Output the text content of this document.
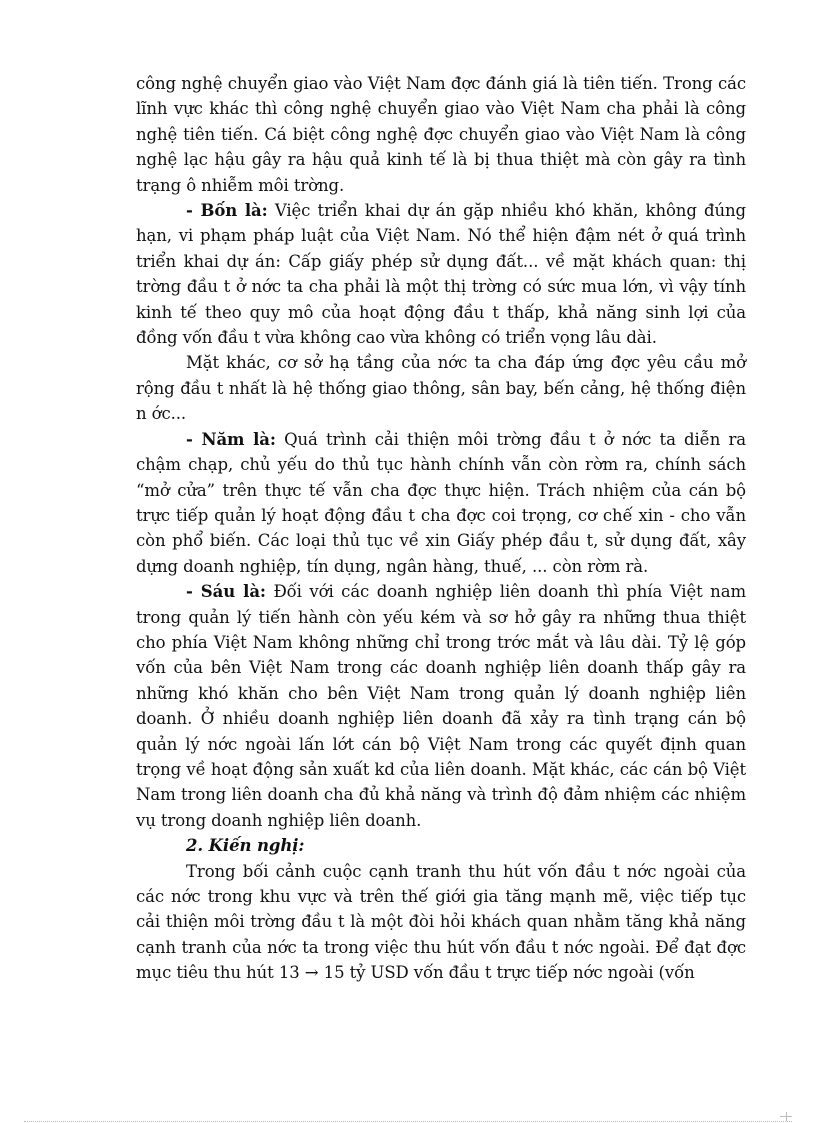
công nghệ chuyển giao vào Việt Nam đợc đánh giá là tiên tiến. Trong các lĩnh vực khác thì công nghệ chuyển giao vào Việt Nam cha phải là công nghệ tiên tiến. Cá biệt công nghệ đợc chuyển giao vào Việt Nam là công nghệ lạc hậu gây ra hậu quả kinh tế là bị thua thiệt mà còn gây ra tình trạng ô nhiễm môi trờng.

- Bốn là: Việc triển khai dự án gặp nhiều khó khăn, không đúng hạn, vi phạm pháp luật của Việt Nam. Nó thể hiện đậm nét ở quá trình triển khai dự án: Cấp giấy phép sử dụng đất... về mặt khách quan: thị trờng đầu t ở nớc ta cha phải là một thị trờng có sức mua lớn, vì vậy tính kinh tế theo quy mô của hoạt động đầu t thấp, khả năng sinh lợi của đồng vốn đầu t vừa không cao vừa không có triển vọng lâu dài.

Mặt khác, cơ sở hạ tầng của nớc ta cha đáp ứng đợc yêu cầu mở rộng đầu t nhất là hệ thống giao thông, sân bay, bến cảng, hệ thống điện n ớc...

- Năm là: Quá trình cải thiện môi trờng đầu t ở nớc ta diễn ra chậm chạp, chủ yếu do thủ tục hành chính vẫn còn rờm ra, chính sách “mở cửa” trên thực tế vẫn cha đợc thực hiện. Trách nhiệm của cán bộ trực tiếp quản lý hoạt động đầu t cha đợc coi trọng, cơ chế xin - cho vẫn còn phổ biến. Các loại thủ tục về xin Giấy phép đầu t, sử dụng đất, xây dựng doanh nghiệp, tín dụng, ngân hàng, thuế, ... còn rờm rà.

- Sáu là: Đối với các doanh nghiệp liên doanh thì phía Việt nam trong quản lý tiến hành còn yếu kém và sơ hở gây ra những thua thiệt cho phía Việt Nam không những chỉ trong trớc mắt và lâu dài. Tỷ lệ góp vốn của bên Việt Nam trong các doanh nghiệp liên doanh thấp gây ra những khó khăn cho bên Việt Nam trong quản lý doanh nghiệp liên doanh. Ở nhiều doanh nghiệp liên doanh đã xảy ra tình trạng cán bộ quản lý nớc ngoài lấn lớt cán bộ Việt Nam trong các quyết định quan trọng về hoạt động sản xuất kd của liên doanh. Mặt khác, các cán bộ Việt Nam trong liên doanh cha đủ khả năng và trình độ đảm nhiệm các nhiệm vụ trong doanh nghiệp liên doanh.

2. Kiến nghị:

Trong bối cảnh cuộc cạnh tranh thu hút vốn đầu t nớc ngoài của các nớc trong khu vực và trên thế giới gia tăng mạnh mẽ, việc tiếp tục cải thiện môi trờng đầu t là một đòi hỏi khách quan nhằm tăng khả năng cạnh tranh của nớc ta trong việc thu hút vốn đầu t nớc ngoài. Để đạt đợc mục tiêu thu hút 13 → 15 tỷ USD vốn đầu t trực tiếp nớc ngoài (vốn
